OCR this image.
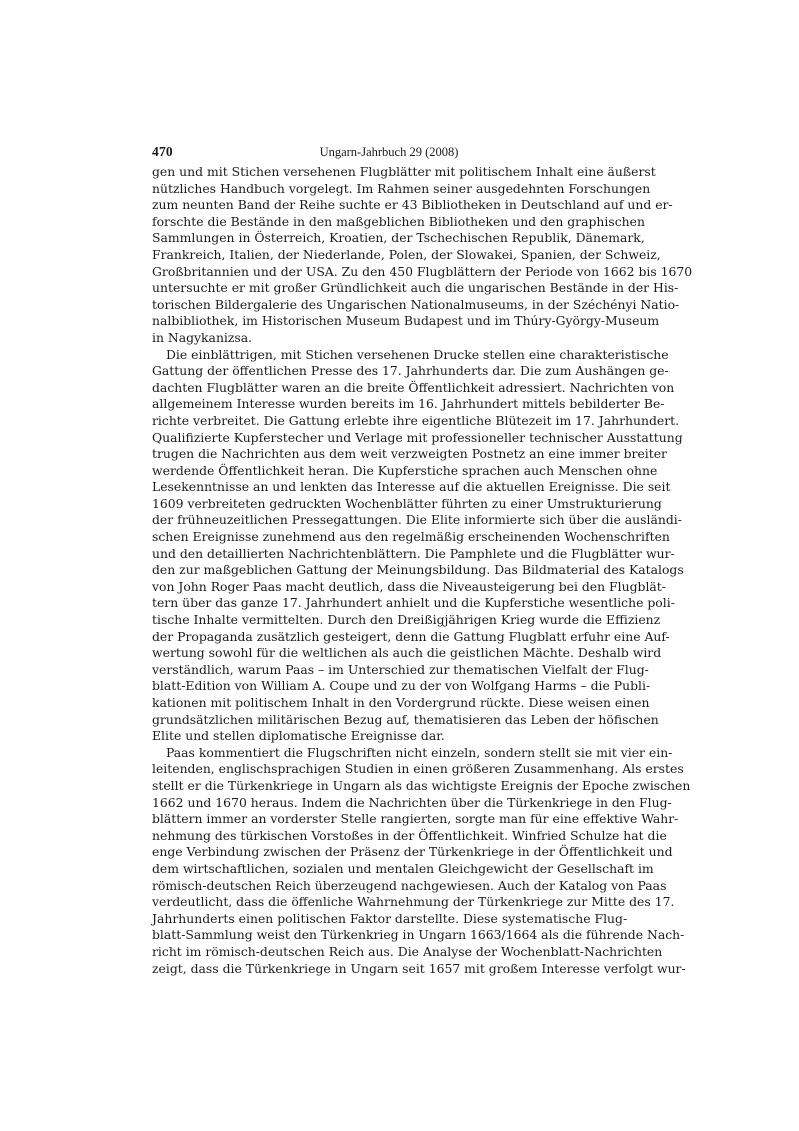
470	Ungarn-Jahrbuch 29 (2008)
gen und mit Stichen versehenen Flugblätter mit politischem Inhalt eine äußerst
nützliches Handbuch vorgelegt. Im Rahmen seiner ausgedehnten Forschungen
zum neunten Band der Reihe suchte er 43 Bibliotheken in Deutschland auf und er-
forschte die Bestände in den maßgeblichen Bibliotheken und den graphischen
Sammlungen in Österreich, Kroatien, der Tschechischen Republik, Dänemark,
Frankreich, Italien, der Niederlande, Polen, der Slowakei, Spanien, der Schweiz,
Großbritannien und der USA. Zu den 450 Flugblättern der Periode von 1662 bis 1670
untersuchte er mit großer Gründlichkeit auch die ungarischen Bestände in der His-
torischen Bildergalerie des Ungarischen Nationalmuseums, in der Széchényi Natio-
nalbibliothek, im Historischen Museum Budapest und im Thúry-György-Museum
in Nagykanizsa.
Die einblättrigen, mit Stichen versehenen Drucke stellen eine charakteristische
Gattung der öffentlichen Presse des 17. Jahrhunderts dar. Die zum Aushängen ge-
dachten Flugblätter waren an die breite Öffentlichkeit adressiert. Nachrichten von
allgemeinem Interesse wurden bereits im 16. Jahrhundert mittels bebilderter Be-
richte verbreitet. Die Gattung erlebte ihre eigentliche Blütezeit im 17. Jahrhundert.
Qualifizierte Kupferstecher und Verlage mit professioneller technischer Ausstattung
trugen die Nachrichten aus dem weit verzweigten Postnetz an eine immer breiter
werdende Öffentlichkeit heran. Die Kupferstiche sprachen auch Menschen ohne
Lesekenntnisse an und lenkten das Interesse auf die aktuellen Ereignisse. Die seit
1609 verbreiteten gedruckten Wochenblätter führten zu einer Umstrukturierung
der frühneuzeitlichen Pressegattungen. Die Elite informierte sich über die ausländi-
schen Ereignisse zunehmend aus den regelmäßig erscheinenden Wochenschriften
und den detaillierten Nachrichtenblättern. Die Pamphlete und die Flugblätter wur-
den zur maßgeblichen Gattung der Meinungsbildung. Das Bildmaterial des Katalogs
von John Roger Paas macht deutlich, dass die Niveausteigerung bei den Flugblät-
tern über das ganze 17. Jahrhundert anhielt und die Kupferstiche wesentliche poli-
tische Inhalte vermittelten. Durch den Dreißigjährigen Krieg wurde die Effizienz
der Propaganda zusätzlich gesteigert, denn die Gattung Flugblatt erfuhr eine Auf-
wertung sowohl für die weltlichen als auch die geistlichen Mächte. Deshalb wird
verständlich, warum Paas – im Unterschied zur thematischen Vielfalt der Flug-
blatt-Edition von William A. Coupe und zu der von Wolfgang Harms – die Publi-
kationen mit politischem Inhalt in den Vordergrund rückte. Diese weisen einen
grundsätzlichen militärischen Bezug auf, thematisieren das Leben der höfischen
Elite und stellen diplomatische Ereignisse dar.
Paas kommentiert die Flugschriften nicht einzeln, sondern stellt sie mit vier ein-
leitenden, englischsprachigen Studien in einen größeren Zusammenhang. Als erstes
stellt er die Türkenkriege in Ungarn als das wichtigste Ereignis der Epoche zwischen
1662 und 1670 heraus. Indem die Nachrichten über die Türkenkriege in den Flug-
blättern immer an vorderster Stelle rangierten, sorgte man für eine effektive Wahr-
nehmung des türkischen Vorstoßes in der Öffentlichkeit. Winfried Schulze hat die
enge Verbindung zwischen der Präsenz der Türkenkriege in der Öffentlichkeit und
dem wirtschaftlichen, sozialen und mentalen Gleichgewicht der Gesellschaft im
römisch-deutschen Reich überzeugend nachgewiesen. Auch der Katalog von Paas
verdeutlicht, dass die öffenliche Wahrnehmung der Türkenkriege zur Mitte des 17.
Jahrhunderts einen politischen Faktor darstellte. Diese systematische Flug-
blatt-Sammlung weist den Türkenkrieg in Ungarn 1663/1664 als die führende Nach-
richt im römisch-deutschen Reich aus. Die Analyse der Wochenblatt-Nachrichten
zeigt, dass die Türkenkriege in Ungarn seit 1657 mit großem Interesse verfolgt wur-
